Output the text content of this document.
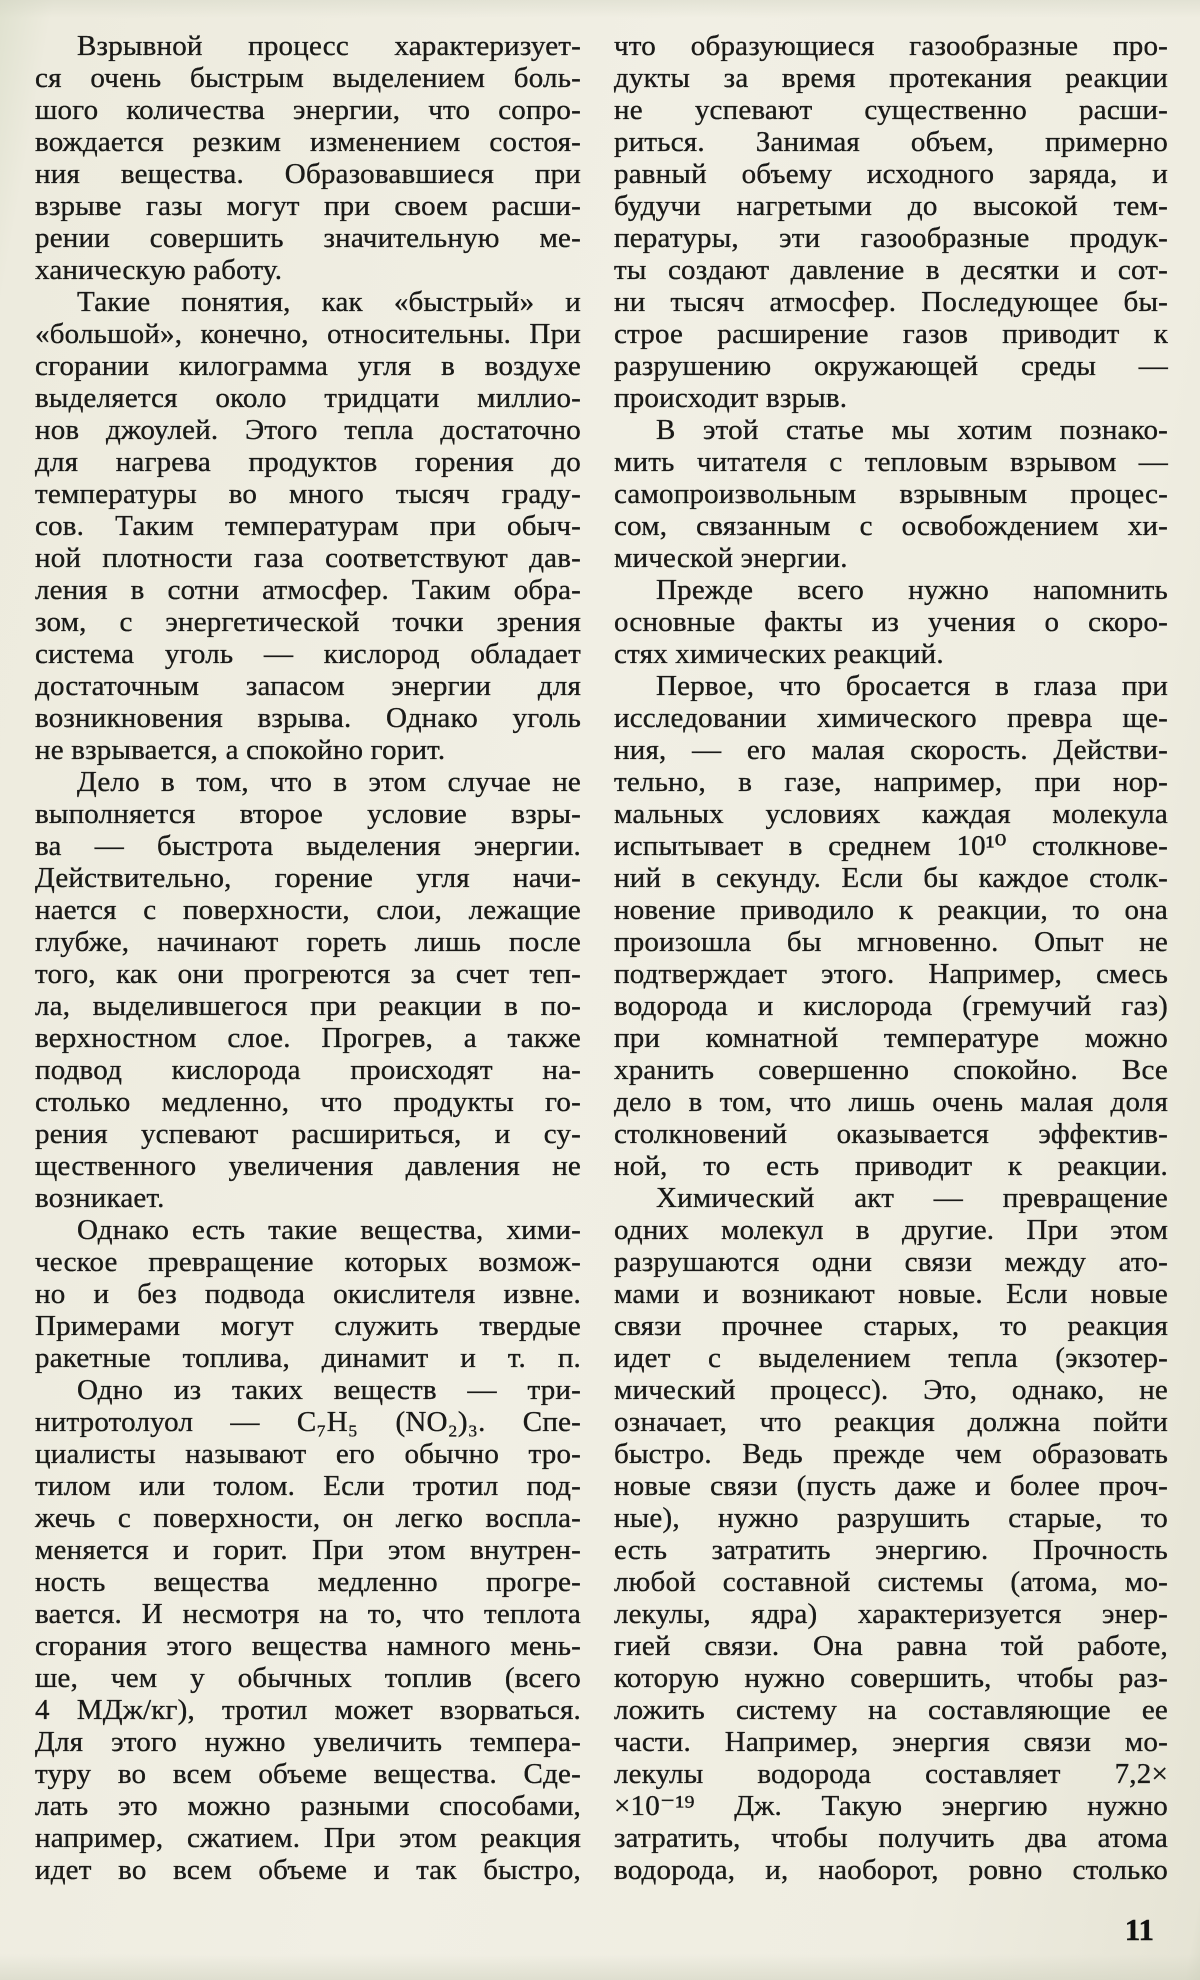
Взрывной процесс характеризует-
ся очень быстрым выделением боль-
шого количества энергии, что сопро-
вождается резким изменением состоя-
ния вещества. Образовавшиеся при
взрыве газы могут при своем расши-
рении совершить значительную ме-
ханическую работу.
Такие понятия, как «быстрый» и
«большой», конечно, относительны. При
сгорании килограмма угля в воздухе
выделяется около тридцати миллио-
нов джоулей. Этого тепла достаточно
для нагрева продуктов горения до
температуры во много тысяч граду-
сов. Таким температурам при обыч-
ной плотности газа соответствуют дав-
ления в сотни атмосфер. Таким обра-
зом, с энергетической точки зрения
система уголь — кислород обладает
достаточным запасом энергии для
возникновения взрыва. Однако уголь
не взрывается, а спокойно горит.
Дело в том, что в этом случае не
выполняется второе условие взры-
ва — быстрота выделения энергии.
Действительно, горение угля начи-
нается с поверхности, слои, лежащие
глубже, начинают гореть лишь после
того, как они прогреются за счет теп-
ла, выделившегося при реакции в по-
верхностном слое. Прогрев, а также
подвод кислорода происходят на-
столько медленно, что продукты го-
рения успевают расшириться, и су-
щественного увеличения давления не
возникает.
Однако есть такие вещества, хими-
ческое превращение которых возмож-
но и без подвода окислителя извне.
Примерами могут служить твердые
ракетные топлива, динамит и т. п.
Одно из таких веществ — три-
нитротолуол — C₇H₅ (NO₂)₃. Спе-
циалисты называют его обычно тро-
тилом или толом. Если тротил под-
жечь с поверхности, он легко воспла-
меняется и горит. При этом внутрен-
ность вещества медленно прогре-
вается. И несмотря на то, что теплота
сгорания этого вещества намного мень-
ше, чем у обычных топлив (всего
4 МДж/кг), тротил может взорваться.
Для этого нужно увеличить темпера-
туру во всем объеме вещества. Сде-
лать это можно разными способами,
например, сжатием. При этом реакция
идет во всем объеме и так быстро,
что образующиеся газообразные про-
дукты за время протекания реакции
не успевают существенно расши-
риться. Занимая объем, примерно
равный объему исходного заряда, и
будучи нагретыми до высокой тем-
пературы, эти газообразные продук-
ты создают давление в десятки и сот-
ни тысяч атмосфер. Последующее бы-
строе расширение газов приводит к
разрушению окружающей среды —
происходит взрыв.
В этой статье мы хотим познако-
мить читателя с тепловым взрывом —
самопроизвольным взрывным процес-
сом, связанным с освобождением хи-
мической энергии.
Прежде всего нужно напомнить
основные факты из учения о скоро-
стях химических реакций.
Первое, что бросается в глаза при
исследовании химического превра ще-
ния, — его малая скорость. Действи-
тельно, в газе, например, при нор-
мальных условиях каждая молекула
испытывает в среднем 10¹⁰ столкнове-
ний в секунду. Если бы каждое столк-
новение приводило к реакции, то она
произошла бы мгновенно. Опыт не
подтверждает этого. Например, смесь
водорода и кислорода (гремучий газ)
при комнатной температуре можно
хранить совершенно спокойно. Все
дело в том, что лишь очень малая доля
столкновений оказывается эффектив-
ной, то есть приводит к реакции.
Химический акт — превращение
одних молекул в другие. При этом
разрушаются одни связи между ато-
мами и возникают новые. Если новые
связи прочнее старых, то реакция
идет с выделением тепла (экзотер-
мический процесс). Это, однако, не
означает, что реакция должна пойти
быстро. Ведь прежде чем образовать
новые связи (пусть даже и более проч-
ные), нужно разрушить старые, то
есть затратить энергию. Прочность
любой составной системы (атома, мо-
лекулы, ядра) характеризуется энер-
гией связи. Она равна той работе,
которую нужно совершить, чтобы раз-
ложить систему на составляющие ее
части. Например, энергия связи мо-
лекулы водорода составляет 7,2×
×10⁻¹⁹ Дж. Такую энергию нужно
затратить, чтобы получить два атома
водорода, и, наоборот, ровно столько
11
